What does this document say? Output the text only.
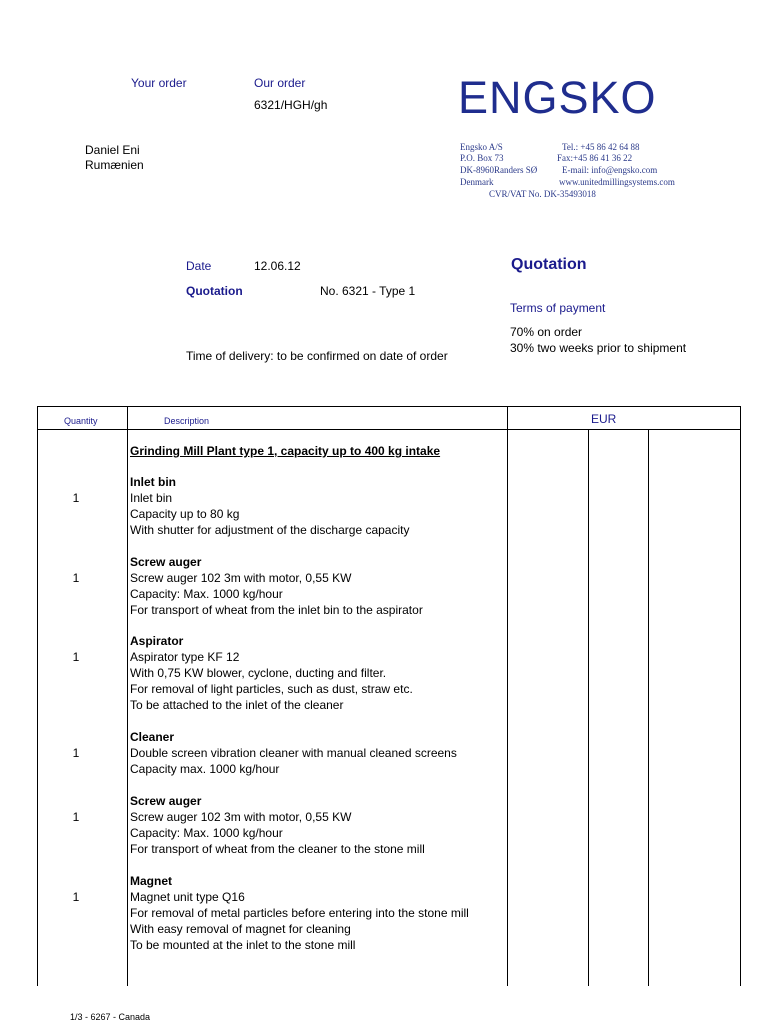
Your order	Our order
6321/HGH/gh
Daniel Eni
Rumænien
ENGSKO
Engsko A/S
P.O. Box 73
DK-8960Randers SØ
Denmark
Tel.: +45 86 42 64 88
Fax:+45 86 41 36 22
E-mail: info@engsko.com
www.unitedmillingsystems.com
CVR/VAT No. DK-35493018
Date	12.06.12
Quotation	No. 6321 - Type 1
Time of delivery: to be confirmed on date of order
Quotation
Terms of payment
70% on order
30% two weeks prior to shipment
Quantity	Description	EUR
Grinding Mill Plant type 1, capacity up to 400 kg intake
Inlet bin
1	Inlet bin
Capacity up to 80 kg
With shutter for adjustment of the discharge capacity
Screw auger
1	Screw auger 102 3m with motor, 0,55 KW
Capacity: Max. 1000 kg/hour
For transport of wheat from the inlet bin to the aspirator
Aspirator
1	Aspirator type KF 12
With 0,75 KW blower, cyclone, ducting and filter.
For removal of light particles, such as dust, straw etc.
To be attached to the inlet of the cleaner
Cleaner
1	Double screen vibration cleaner with manual cleaned screens
Capacity max. 1000 kg/hour
Screw auger
1	Screw auger 102 3m with motor, 0,55 KW
Capacity: Max. 1000 kg/hour
For transport of wheat from the cleaner to the stone mill
Magnet
1	Magnet unit type Q16
For removal of metal particles before entering into the stone mill
With easy removal of magnet for cleaning
To be mounted at the inlet to the stone mill
1/3 - 6267 - Canada
